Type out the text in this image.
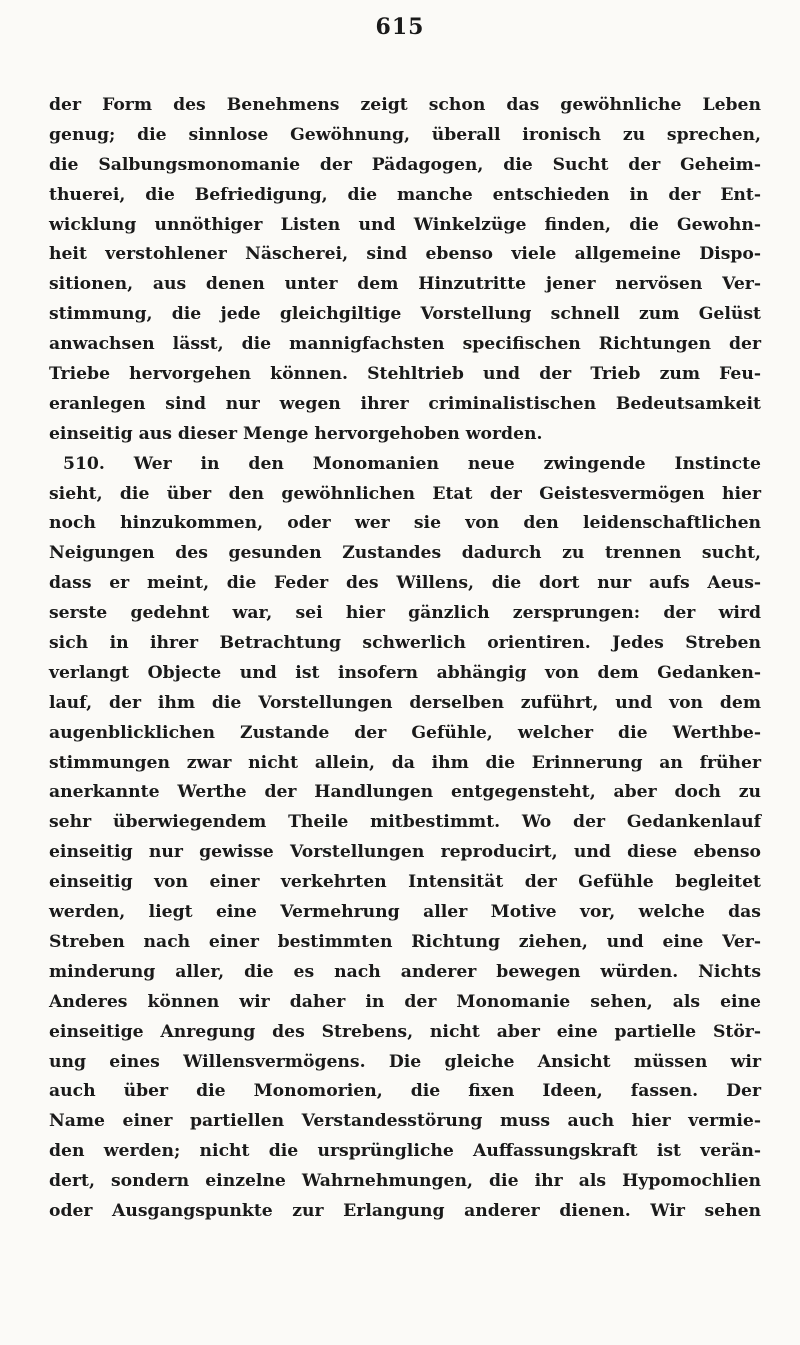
615
der Form des Benehmens zeigt schon das gewöhnliche Leben
genug; die sinnlose Gewöhnung, überall ironisch zu sprechen,
die Salbungsmonomanie der Pädagogen, die Sucht der Geheim-
thuerei, die Befriedigung, die manche entschieden in der Ent-
wicklung unnöthiger Listen und Winkelzüge finden, die Gewohn-
heit verstohlener Näscherei, sind ebenso viele allgemeine Dispo-
sitionen, aus denen unter dem Hinzutritte jener nervösen Ver-
stimmung, die jede gleichgiltige Vorstellung schnell zum Gelüst
anwachsen lässt, die mannigfachsten specifischen Richtungen der
Triebe hervorgehen können. Stehltrieb und der Trieb zum Feu-
eranlegen sind nur wegen ihrer criminalistischen Bedeutsamkeit
einseitig aus dieser Menge hervorgehoben worden.
510. Wer in den Monomanien neue zwingende Instincte
sieht, die über den gewöhnlichen Etat der Geistesvermögen hier
noch hinzukommen, oder wer sie von den leidenschaftlichen
Neigungen des gesunden Zustandes dadurch zu trennen sucht,
dass er meint, die Feder des Willens, die dort nur aufs Aeus-
serste gedehnt war, sei hier gänzlich zersprungen: der wird
sich in ihrer Betrachtung schwerlich orientiren. Jedes Streben
verlangt Objecte und ist insofern abhängig von dem Gedanken-
lauf, der ihm die Vorstellungen derselben zuführt, und von dem
augenblicklichen Zustande der Gefühle, welcher die Werthbe-
stimmungen zwar nicht allein, da ihm die Erinnerung an früher
anerkannte Werthe der Handlungen entgegensteht, aber doch zu
sehr überwiegendem Theile mitbestimmt. Wo der Gedankenlauf
einseitig nur gewisse Vorstellungen reproducirt, und diese ebenso
einseitig von einer verkehrten Intensität der Gefühle begleitet
werden, liegt eine Vermehrung aller Motive vor, welche das
Streben nach einer bestimmten Richtung ziehen, und eine Ver-
minderung aller, die es nach anderer bewegen würden. Nichts
Anderes können wir daher in der Monomanie sehen, als eine
einseitige Anregung des Strebens, nicht aber eine partielle Stör-
ung eines Willensvermögens. Die gleiche Ansicht müssen wir
auch über die Monomorien, die fixen Ideen, fassen. Der
Name einer partiellen Verstandesstörung muss auch hier vermie-
den werden; nicht die ursprüngliche Auffassungskraft ist verän-
dert, sondern einzelne Wahrnehmungen, die ihr als Hypomochlien
oder Ausgangspunkte zur Erlangung anderer dienen. Wir sehen
